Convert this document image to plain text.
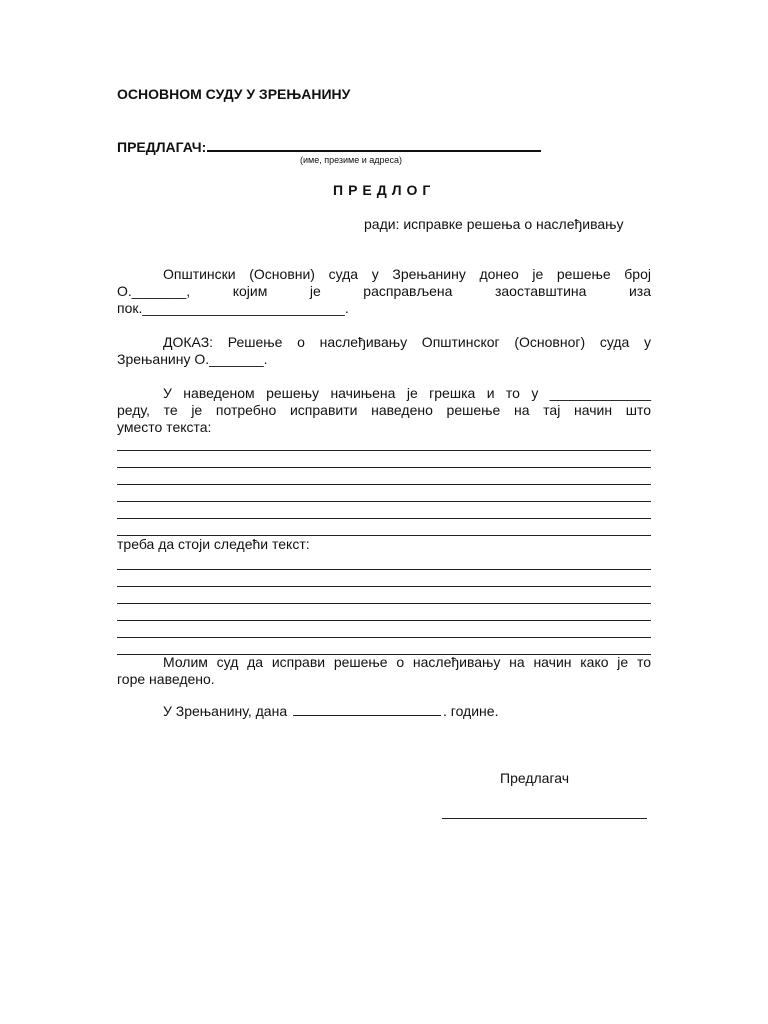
ОСНОВНОМ СУДУ У ЗРЕЊАНИНУ
ПРЕДЛАГАЧ:
(име, презиме и адреса)
ПРЕДЛОГ
ради: исправке решења о наслеђивању
Општински (Основни) суда у Зрењанину донео је решење број
О._______, којим је расправљена заоставштина иза
пок.__________________________.
ДОКАЗ: Решење о наслеђивању Општинског (Основног) суда у
Зрењанину О._______.
У наведеном решењу начињена је грешка и то у _____________
реду, те је потребно исправити наведено решење на тај начин што
уместо текста:
треба да стоји следећи текст:
Молим суд да исправи решење о наслеђивању на начин како је то
горе наведено.
У Зрењанину, дана	. године.
Предлагач
